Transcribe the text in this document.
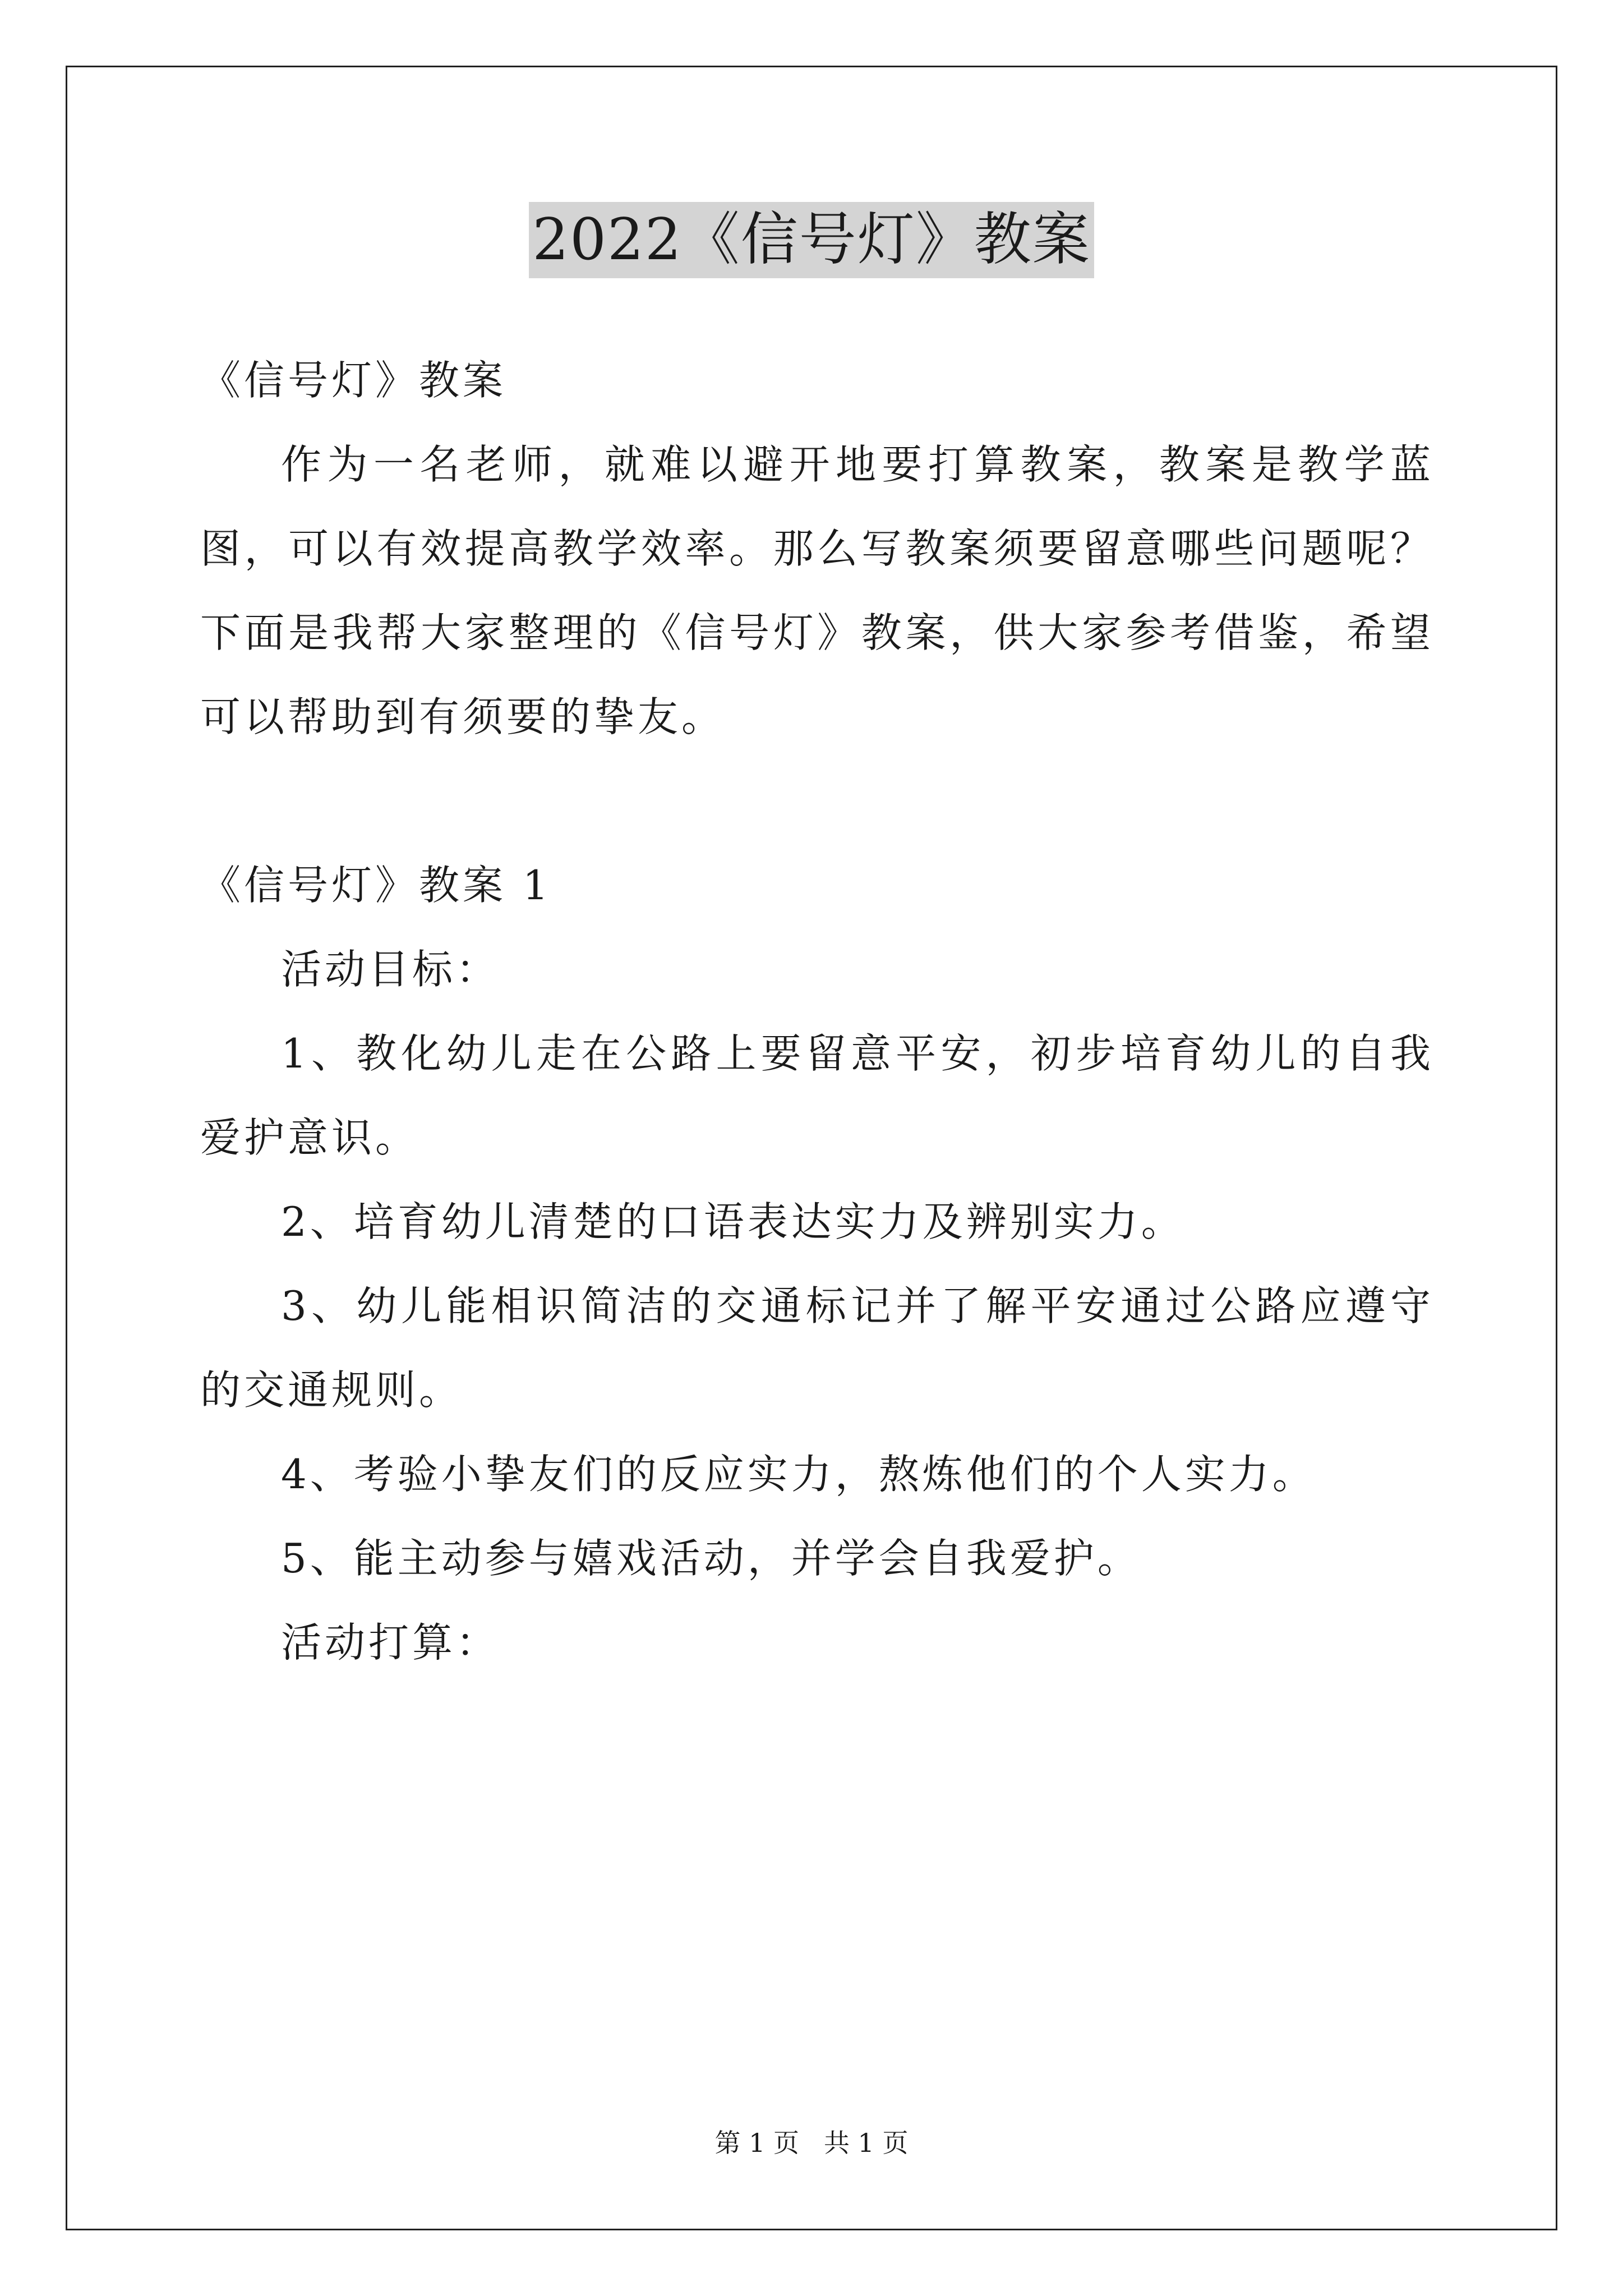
2022《信号灯》教案

《信号灯》教案

作为一名老师，就难以避开地要打算教案，教案是教学蓝图，可以有效提高教学效率。那么写教案须要留意哪些问题呢？下面是我帮大家整理的《信号灯》教案，供大家参考借鉴，希望可以帮助到有须要的挚友。

《信号灯》教案 1

活动目标：

1、教化幼儿走在公路上要留意平安，初步培育幼儿的自我爱护意识。

2、培育幼儿清楚的口语表达实力及辨别实力。

3、幼儿能相识简洁的交通标记并了解平安通过公路应遵守的交通规则。

4、考验小挚友们的反应实力，熬炼他们的个人实力。

5、能主动参与嬉戏活动，并学会自我爱护。

活动打算：

第 1 页 共 1 页
